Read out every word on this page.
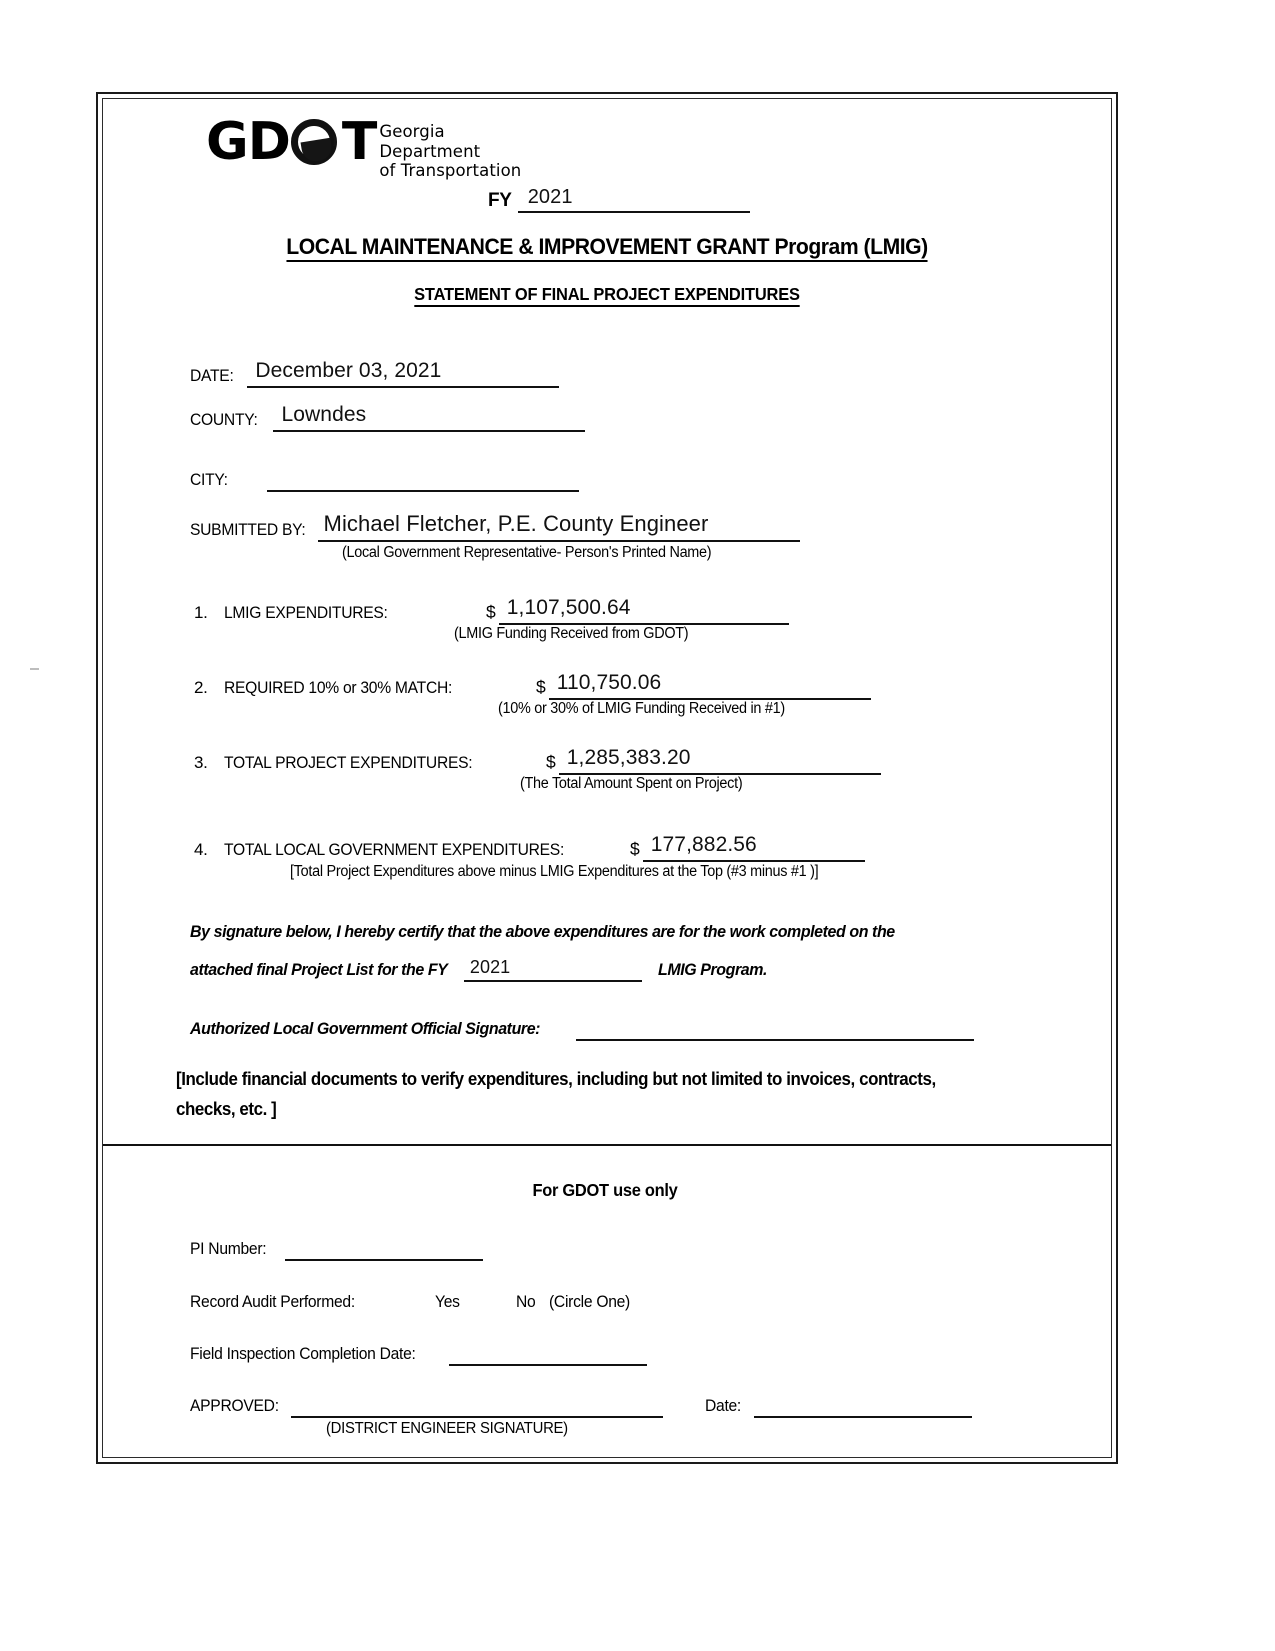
G D T Georgia
Department
of Transportation
FY 2021
LOCAL MAINTENANCE & IMPROVEMENT GRANT Program (LMIG)
STATEMENT OF FINAL PROJECT EXPENDITURES
DATE: December 03, 2021
COUNTY: Lowndes
CITY:
SUBMITTED BY: Michael Fletcher, P.E. County Engineer
(Local Government Representative- Person's Printed Name)
1. LMIG EXPENDITURES:	$ 1,107,500.64
(LMIG Funding Received from GDOT)
2. REQUIRED 10% or 30% MATCH:	$ 110,750.06
(10% or 30% of LMIG Funding Received in #1)
3. TOTAL PROJECT EXPENDITURES:	$ 1,285,383.20
(The Total Amount Spent on Project)
4. TOTAL LOCAL GOVERNMENT EXPENDITURES:	$ 177,882.56
[Total Project Expenditures above minus LMIG Expenditures at the Top (#3 minus #1 )]
By signature below, I hereby certify that the above expenditures are for the work completed on the
attached final Project List for the FY 2021	LMIG Program.
Authorized Local Government Official Signature:
[Include financial documents to verify expenditures, including but not limited to invoices, contracts, checks, etc. ]
For GDOT use only
PI Number:
Record Audit Performed:	Yes	No (Circle One)
Field Inspection Completion Date:
APPROVED:	Date:
(DISTRICT ENGINEER SIGNATURE)
